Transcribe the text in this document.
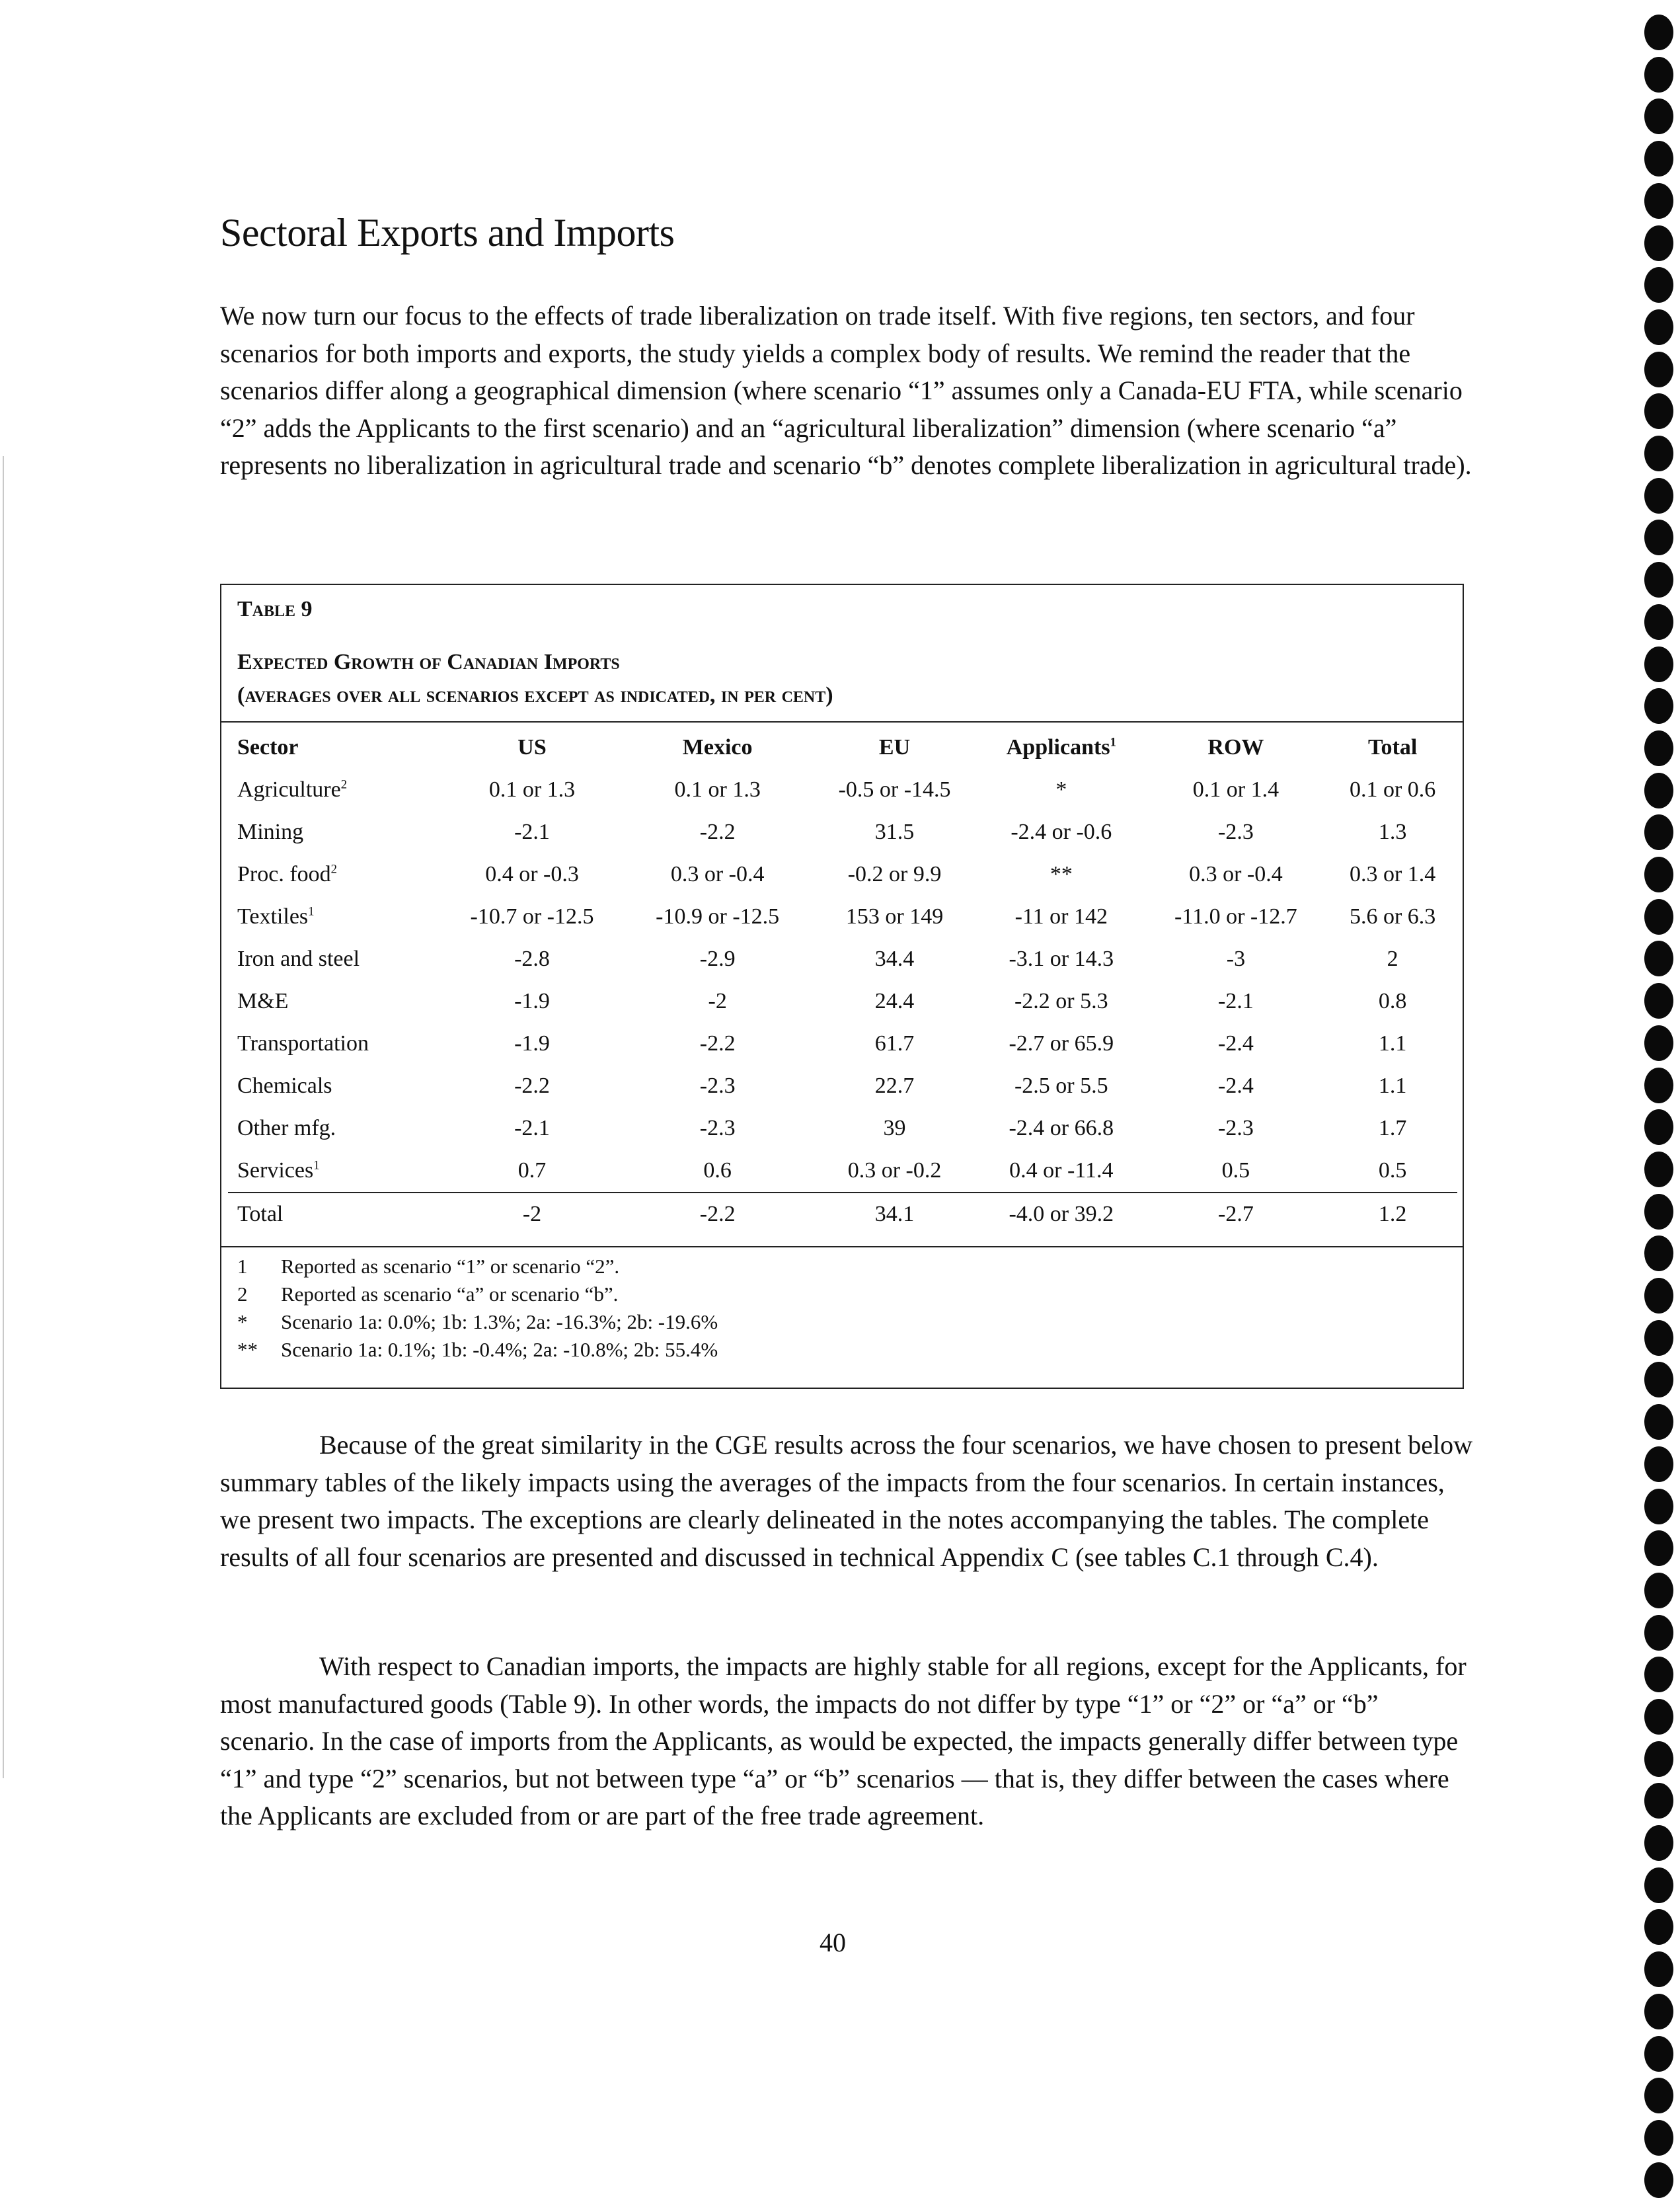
Sectoral Exports and Imports

We now turn our focus to the effects of trade liberalization on trade itself. With five regions, ten sectors, and four scenarios for both imports and exports, the study yields a complex body of results. We remind the reader that the scenarios differ along a geographical dimension (where scenario “1” assumes only a Canada-EU FTA, while scenario “2” adds the Applicants to the first scenario) and an “agricultural liberalization” dimension (where scenario “a” represents no liberalization in agricultural trade and scenario “b” denotes complete liberalization in agricultural trade).

Table 9
Expected Growth of Canadian Imports
(averages over all scenarios except as indicated, in per cent)
Sector	US	Mexico	EU	Applicants$^1$	ROW	Total
Agriculture$^2$	0.1 or 1.3	0.1 or 1.3	-0.5 or -14.5	*	0.1 or 1.4	0.1 or 0.6
Mining	-2.1	-2.2	31.5	-2.4 or -0.6	-2.3	1.3
Proc. food$^2$	0.4 or -0.3	0.3 or -0.4	-0.2 or 9.9	**	0.3 or -0.4	0.3 or 1.4
Textiles$^1$	-10.7 or -12.5	-10.9 or -12.5	153 or 149	-11 or 142	-11.0 or -12.7	5.6 or 6.3
Iron and steel	-2.8	-2.9	34.4	-3.1 or 14.3	-3	2
M&E	-1.9	-2	24.4	-2.2 or 5.3	-2.1	0.8
Transportation	-1.9	-2.2	61.7	-2.7 or 65.9	-2.4	1.1
Chemicals	-2.2	-2.3	22.7	-2.5 or 5.5	-2.4	1.1
Other mfg.	-2.1	-2.3	39	-2.4 or 66.8	-2.3	1.7
Services$^1$	0.7	0.6	0.3 or -0.2	0.4 or -11.4	0.5	0.5
Total	-2	-2.2	34.1	-4.0 or 39.2	-2.7	1.2
1	Reported as scenario “1” or scenario “2”.
2	Reported as scenario “a” or scenario “b”.
*	Scenario 1a: 0.0%; 1b: 1.3%; 2a: -16.3%; 2b: -19.6%
**	Scenario 1a: 0.1%; 1b: -0.4%; 2a: -10.8%; 2b: 55.4%

Because of the great similarity in the CGE results across the four scenarios, we have chosen to present below summary tables of the likely impacts using the averages of the impacts from the four scenarios. In certain instances, we present two impacts. The exceptions are clearly delineated in the notes accompanying the tables. The complete results of all four scenarios are presented and discussed in technical Appendix C (see tables C.1 through C.4).

With respect to Canadian imports, the impacts are highly stable for all regions, except for the Applicants, for most manufactured goods (Table 9). In other words, the impacts do not differ by type “1” or “2” or “a” or “b” scenario. In the case of imports from the Applicants, as would be expected, the impacts generally differ between type “1” and type “2” scenarios, but not between type “a” or “b” scenarios — that is, they differ between the cases where the Applicants are excluded from or are part of the free trade agreement.

40
